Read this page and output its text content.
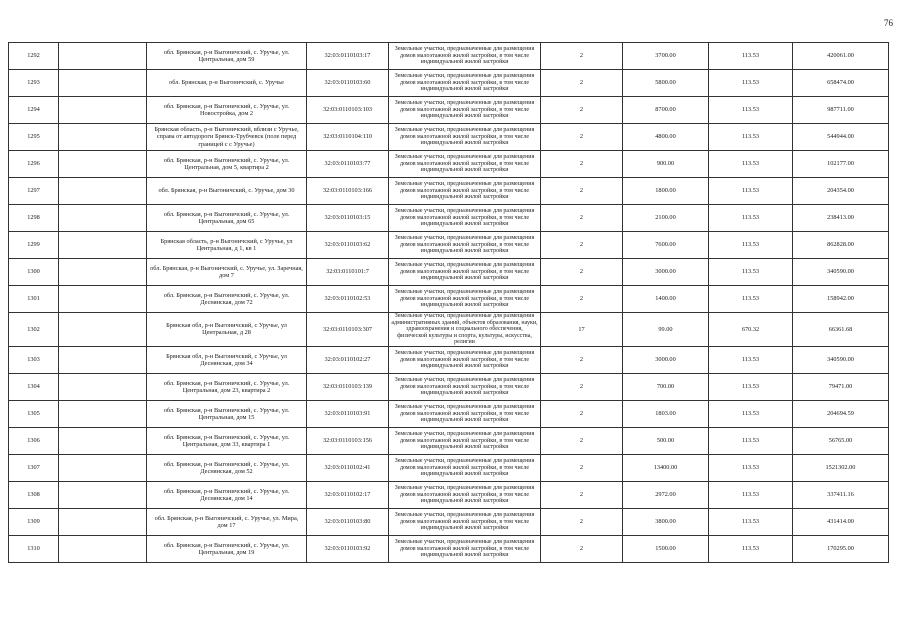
76
1292		обл. Брянская, р-н Выгоничский, с. Уручье, ул. Центральная, дом 59	32:03:0110103:17	Земельные участки, предназначенные для размещения домов малоэтажной жилой застройки, в том числе индивидуальной жилой застройки	2	3700.00	113.53	420061.00
1293		обл. Брянская, р-н Выгоничский, с. Уручье	32:03:0110103:60	Земельные участки, предназначенные для размещения домов малоэтажной жилой застройки, в том числе индивидуальной жилой застройки	2	5800.00	113.53	658474.00
1294		обл. Брянская, р-н Выгоничский, с. Уручье, ул. Новостройка, дом 2	32:03:0110103:103	Земельные участки, предназначенные для размещения домов малоэтажной жилой застройки, в том числе индивидуальной жилой застройки	2	8700.00	113.53	987711.00
1295		Брянская область, р-н Выгоничский, вблизи с Уручье, справа от автодороги Брянск-Трубчевск (поле перед границей с с Уручье)	32:03:0110104:110	Земельные участки, предназначенные для размещения домов малоэтажной жилой застройки, в том числе индивидуальной жилой застройки	2	4800.00	113.53	544944.00
1296		обл. Брянская, р-н Выгоничский, с. Уручье, ул. Центральная, дом 5, квартира 2	32:03:0110103:77	Земельные участки, предназначенные для размещения домов малоэтажной жилой застройки, в том числе индивидуальной жилой застройки	2	900.00	113.53	102177.00
1297		обл. Брянская, р-н Выгоничский, с. Уручье, дом 30	32:03:0110103:166	Земельные участки, предназначенные для размещения домов малоэтажной жилой застройки, в том числе индивидуальной жилой застройки	2	1800.00	113.53	204354.00
1298		обл. Брянская, р-н Выгоничский, с. Уручье, ул. Центральная, дом 65	32:03:0110103:15	Земельные участки, предназначенные для размещения домов малоэтажной жилой застройки, в том числе индивидуальной жилой застройки	2	2100.00	113.53	238413.00
1299		Брянская область, р-н Выгоничский, с Уручье, ул Центральная, д 1, кв 1	32:03:0110103:62	Земельные участки, предназначенные для размещения домов малоэтажной жилой застройки, в том числе индивидуальной жилой застройки	2	7600.00	113.53	862828.00
1300		обл. Брянская, р-н Выгоничский, с. Уручье, ул. Заречная, дом 7	32:03:0110101:7	Земельные участки, предназначенные для размещения домов малоэтажной жилой застройки, в том числе индивидуальной жилой застройки	2	3000.00	113.53	340590.00
1301		обл. Брянская, р-н Выгоничский, с. Уручье, ул. Деснянская, дом 72	32:03:0110102:53	Земельные участки, предназначенные для размещения домов малоэтажной жилой застройки, в том числе индивидуальной жилой застройки	2	1400.00	113.53	158942.00
1302		Брянская обл, р-н Выгоничский, с Уручье, ул Центральная, д 28	32:03:0110103:307	Земельные участки, предназначенные для размещения административных зданий, объектов образования, науки, здравоохранения и социального обеспечения, физической культуры и спорта, культуры, искусства, религии	17	99.00	670.32	66361.68
1303		Брянская обл, р-н Выгоничский, с Уручье, ул Деснянская, дом 34	32:03:0110102:27	Земельные участки, предназначенные для размещения домов малоэтажной жилой застройки, в том числе индивидуальной жилой застройки	2	3000.00	113.53	340590.00
1304		обл. Брянская, р-н Выгоничский, с. Уручье, ул. Центральная, дом 23, квартира 2	32:03:0110103:139	Земельные участки, предназначенные для размещения домов малоэтажной жилой застройки, в том числе индивидуальной жилой застройки	2	700.00	113.53	79471.00
1305		обл. Брянская, р-н Выгоничский, с. Уручье, ул. Центральная, дом 15	32:03:0110103:91	Земельные участки, предназначенные для размещения домов малоэтажной жилой застройки, в том числе индивидуальной жилой застройки	2	1803.00	113.53	204694.59
1306		обл. Брянская, р-н Выгоничский, с. Уручье, ул. Центральная, дом 33, квартира 1	32:03:0110103:156	Земельные участки, предназначенные для размещения домов малоэтажной жилой застройки, в том числе индивидуальной жилой застройки	2	500.00	113.53	56765.00
1307		обл. Брянская, р-н Выгоничский, с. Уручье, ул. Деснянская, дом 52	32:03:0110102:41	Земельные участки, предназначенные для размещения домов малоэтажной жилой застройки, в том числе индивидуальной жилой застройки	2	13400.00	113.53	1521302.00
1308		обл. Брянская, р-н Выгоничский, с. Уручье, ул. Деснянская, дом 14	32:03:0110102:17	Земельные участки, предназначенные для размещения домов малоэтажной жилой застройки, в том числе индивидуальной жилой застройки	2	2972.00	113.53	337411.16
1309		обл. Брянская, р-н Выгоничский, с. Уручье, ул. Мира, дом 17	32:03:0110103:80	Земельные участки, предназначенные для размещения домов малоэтажной жилой застройки, в том числе индивидуальной жилой застройки	2	3800.00	113.53	431414.00
1310		обл. Брянская, р-н Выгоничский, с. Уручье, ул. Центральная, дом 19	32:03:0110103:92	Земельные участки, предназначенные для размещения домов малоэтажной жилой застройки, в том числе индивидуальной жилой застройки	2	1500.00	113.53	170295.00
